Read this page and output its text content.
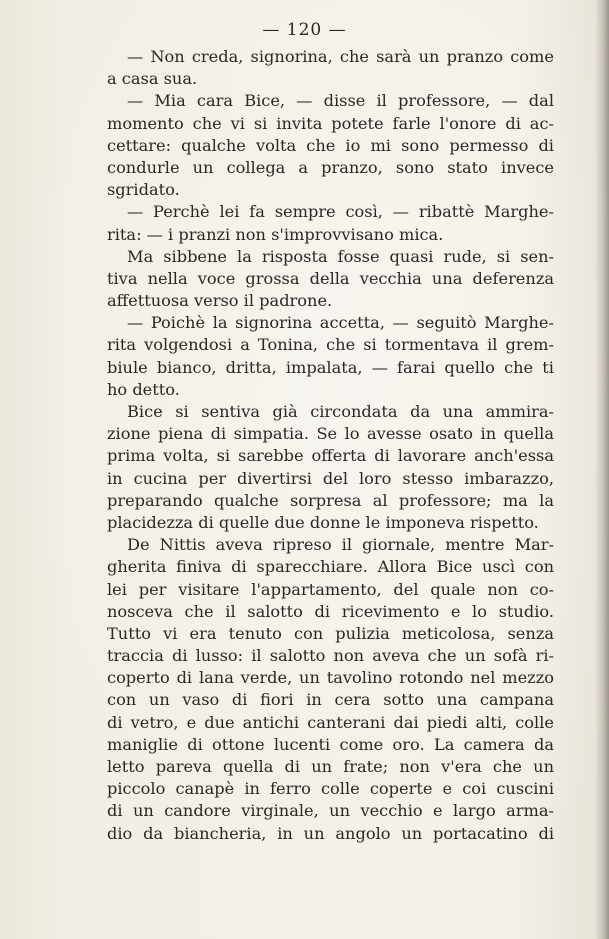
— 120 —
— Non creda, signorina, che sarà un pranzo come
a casa sua.
— Mia cara Bice, — disse il professore, — dal
momento che vi si invita potete farle l'onore di ac-
cettare: qualche volta che io mi sono permesso di
condurle un collega a pranzo, sono stato invece
sgridato.
— Perchè lei fa sempre così, — ribattè Marghe-
rita: — i pranzi non s'improvvisano mica.
Ma sibbene la risposta fosse quasi rude, si sen-
tiva nella voce grossa della vecchia una deferenza
affettuosa verso il padrone.
— Poichè la signorina accetta, — seguitò Marghe-
rita volgendosi a Tonina, che si tormentava il grem-
biule bianco, dritta, impalata, — farai quello che ti
ho detto.
Bice si sentiva già circondata da una ammira-
zione piena di simpatia. Se lo avesse osato in quella
prima volta, si sarebbe offerta di lavorare anch'essa
in cucina per divertirsi del loro stesso imbarazzo,
preparando qualche sorpresa al professore; ma la
placidezza di quelle due donne le imponeva rispetto.
De Nittis aveva ripreso il giornale, mentre Mar-
gherita finiva di sparecchiare. Allora Bice uscì con
lei per visitare l'appartamento, del quale non co-
nosceva che il salotto di ricevimento e lo studio.
Tutto vi era tenuto con pulizia meticolosa, senza
traccia di lusso: il salotto non aveva che un sofà ri-
coperto di lana verde, un tavolino rotondo nel mezzo
con un vaso di fiori in cera sotto una campana
di vetro, e due antichi canterani dai piedi alti, colle
maniglie di ottone lucenti come oro. La camera da
letto pareva quella di un frate; non v'era che un
piccolo canapè in ferro colle coperte e coi cuscini
di un candore virginale, un vecchio e largo arma-
dio da biancheria, in un angolo un portacatino di
